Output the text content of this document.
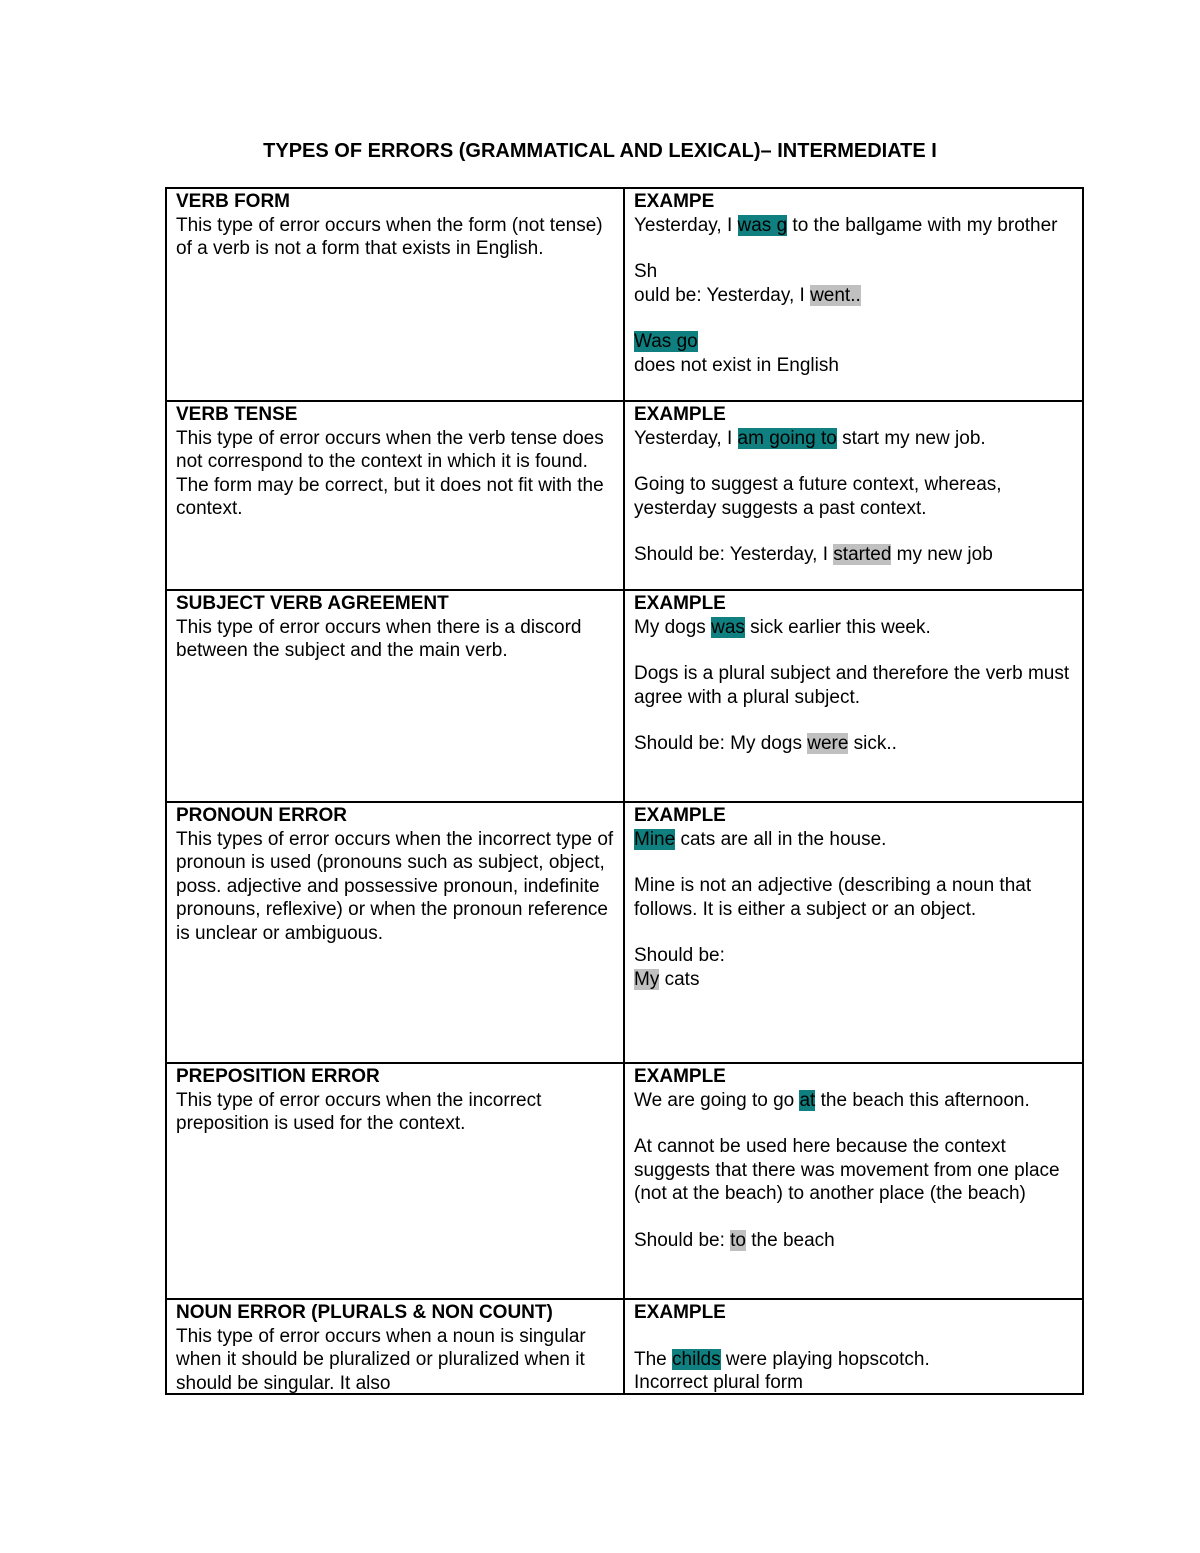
TYPES OF ERRORS (GRAMMATICAL AND LEXICAL)– INTERMEDIATE I
VERB FORM
This type of error occurs when the form (not tense) of a verb is not a form that exists in English.
EXAMPE
Yesterday, I was g to the ballgame with my brother
Sh
ould be: Yesterday, I went..
Was go
does not exist in English
VERB TENSE
This type of error occurs when the verb tense does not correspond to the context in which it is found.
The form may be correct, but it does not fit with the context.
EXAMPLE
Yesterday, I am going to start my new job.
Going to suggest a future context, whereas, yesterday suggests a past context.
Should be: Yesterday, I started my new job
SUBJECT VERB AGREEMENT
This type of error occurs when there is a discord between the subject and the main verb.
EXAMPLE
My dogs was sick earlier this week.
Dogs is a plural subject and therefore the verb must agree with a plural subject.
Should be: My dogs were sick..
PRONOUN ERROR
This types of error occurs when the incorrect type of pronoun is used (pronouns such as subject, object, poss. adjective and possessive pronoun, indefinite pronouns, reflexive) or when the pronoun reference is unclear or ambiguous.
EXAMPLE
Mine cats are all in the house.
Mine is not an adjective (describing a noun that follows. It is either a subject or an object.
Should be:
My cats
PREPOSITION ERROR
This type of error occurs when the incorrect preposition is used for the context.
EXAMPLE
We are going to go at the beach this afternoon.
At cannot be used here because the context suggests that there was movement from one place (not at the beach) to another place (the beach)
Should be: to the beach
NOUN ERROR (PLURALS & NON COUNT)
This type of error occurs when a noun is singular when it should be pluralized or pluralized when it should be singular. It also
EXAMPLE
The childs were playing hopscotch.
Incorrect plural form
